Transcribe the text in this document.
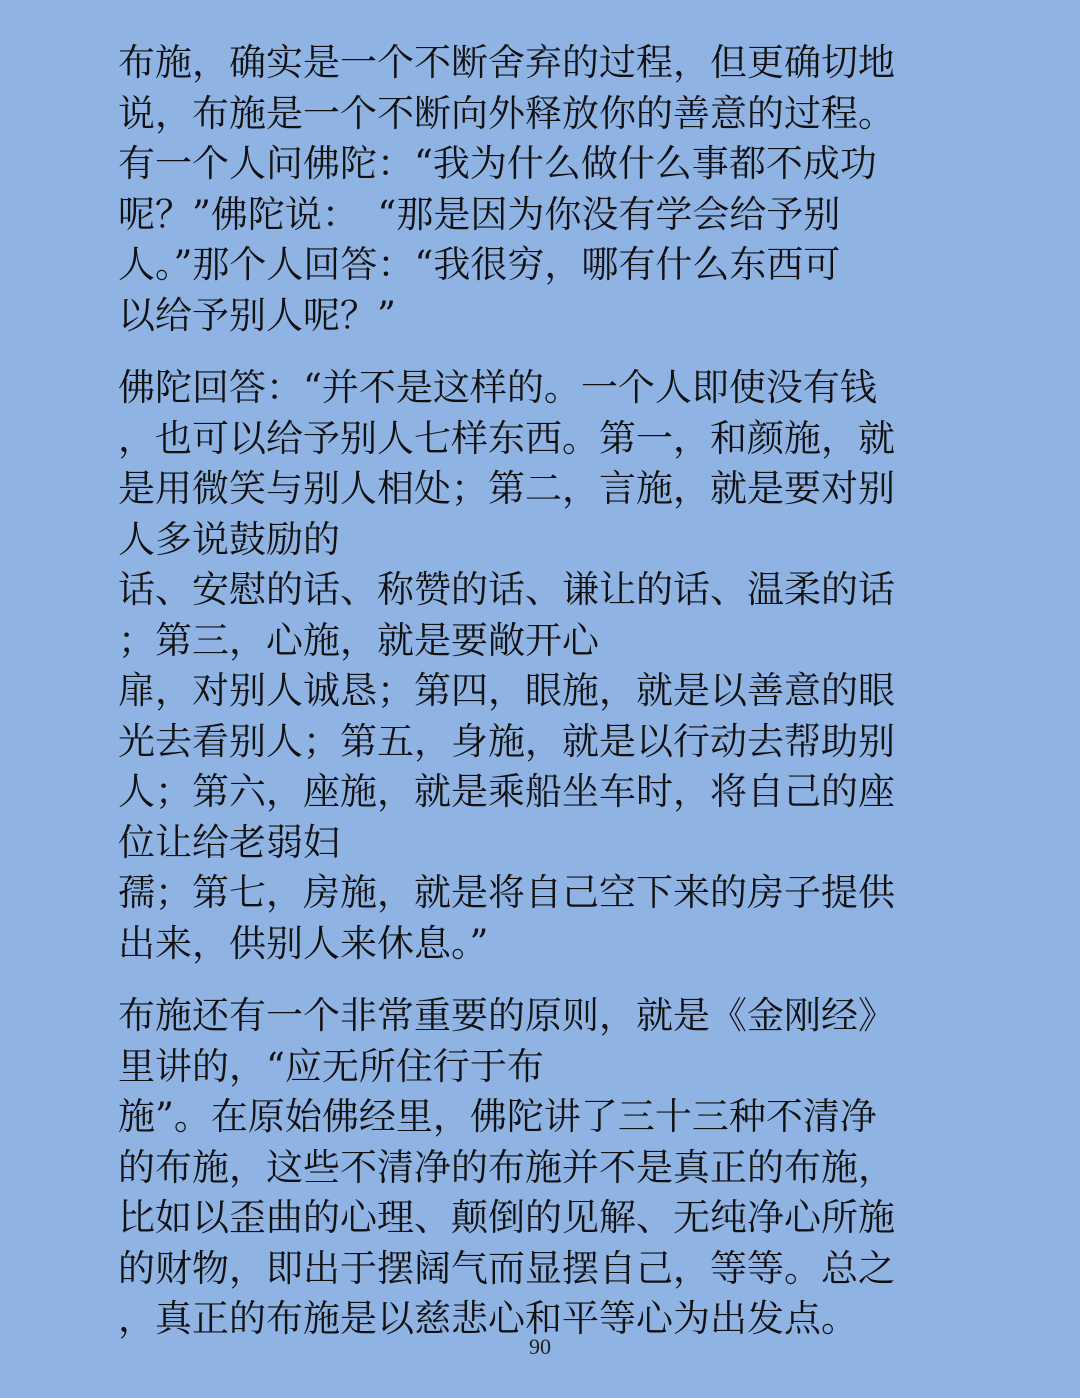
布施，确实是一个不断舍弃的过程，但更确切地
说，布施是一个不断向外释放你的善意的过程。
有一个人问佛陀：“我为什么做什么事都不成功
呢？”佛陀说：　“那是因为你没有学会给予别
人。”那个人回答：“我很穷，哪有什么东西可
以给予别人呢？”
佛陀回答：“并不是这样的。一个人即使没有钱
，也可以给予别人七样东西。第一，和颜施，就
是用微笑与别人相处；第二，言施，就是要对别
人多说鼓励的
话、安慰的话、称赞的话、谦让的话、温柔的话
；第三，心施，就是要敞开心
扉，对别人诚恳；第四，眼施，就是以善意的眼
光去看别人；第五，身施，就是以行动去帮助别
人；第六，座施，就是乘船坐车时，将自己的座
位让给老弱妇
孺；第七，房施，就是将自己空下来的房子提供
出来，供别人来休息。”
布施还有一个非常重要的原则，就是《金刚经》
里讲的，“应无所住行于布
施”。在原始佛经里，佛陀讲了三十三种不清净
的布施，这些不清净的布施并不是真正的布施，
比如以歪曲的心理、颠倒的见解、无纯净心所施
的财物，即出于摆阔气而显摆自己，等等。总之
，真正的布施是以慈悲心和平等心为出发点。
90
